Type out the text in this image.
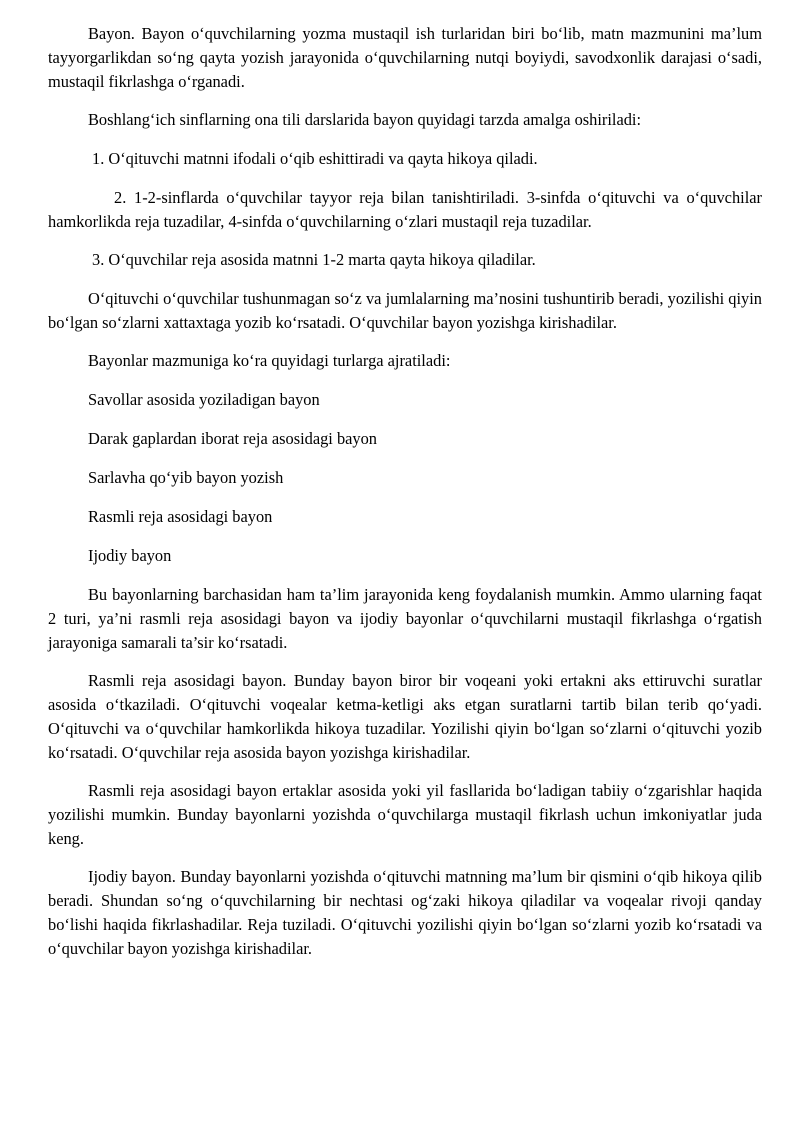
Bayon. Bayon o‘quvchilarning yozma mustaqil ish turlaridan biri bo‘lib, matn mazmunini ma’lum tayyorgarlikdan so‘ng qayta yozish jarayonida o‘quvchilarning nutqi boyiydi, savodxonlik darajasi o‘sadi, mustaqil fikrlashga o‘rganadi.

Boshlang‘ich sinflarning ona tili darslarida bayon quyidagi tarzda amalga oshiriladi:

1. O‘qituvchi matnni ifodali o‘qib eshittiradi va qayta hikoya qiladi.

2. 1-2-sinflarda o‘quvchilar tayyor reja bilan tanishtiriladi. 3-sinfda o‘qituvchi va o‘quvchilar hamkorlikda reja tuzadilar, 4-sinfda o‘quvchilarning o‘zlari mustaqil reja tuzadilar.

3. O‘quvchilar reja asosida matnni 1-2 marta qayta hikoya qiladilar.

O‘qituvchi o‘quvchilar tushunmagan so‘z va jumlalarning ma’nosini tushuntirib beradi, yozilishi qiyin bo‘lgan so‘zlarni xattaxtaga yozib ko‘rsatadi. O‘quvchilar bayon yozishga kirishadilar.

Bayonlar mazmuniga ko‘ra quyidagi turlarga ajratiladi:

Savollar asosida yoziladigan bayon

Darak gaplardan iborat reja asosidagi bayon

Sarlavha qo‘yib bayon yozish

Rasmli reja asosidagi bayon

Ijodiy bayon

Bu bayonlarning barchasidan ham ta’lim jarayonida keng foydalanish mumkin. Ammo ularning faqat 2 turi, ya’ni rasmli reja asosidagi bayon va ijodiy bayonlar o‘quvchilarni mustaqil fikrlashga o‘rgatish jarayoniga samarali ta’sir ko‘rsatadi.

Rasmli reja asosidagi bayon. Bunday bayon biror bir voqeani yoki ertakni aks ettiruvchi suratlar asosida o‘tkaziladi. O‘qituvchi voqealar ketma-ketligi aks etgan suratlarni tartib bilan terib qo‘yadi. O‘qituvchi va o‘quvchilar hamkorlikda hikoya tuzadilar. Yozilishi qiyin bo‘lgan so‘zlarni o‘qituvchi yozib ko‘rsatadi. O‘quvchilar reja asosida bayon yozishga kirishadilar.

Rasmli reja asosidagi bayon ertaklar asosida yoki yil fasllarida bo‘ladigan tabiiy o‘zgarishlar haqida yozilishi mumkin. Bunday bayonlarni yozishda o‘quvchilarga mustaqil fikrlash uchun imkoniyatlar juda keng.

Ijodiy bayon. Bunday bayonlarni yozishda o‘qituvchi matnning ma’lum bir qismini o‘qib hikoya qilib beradi. Shundan so‘ng o‘quvchilarning bir nechtasi og‘zaki hikoya qiladilar va voqealar rivoji qanday bo‘lishi haqida fikrlashadilar. Reja tuziladi. O‘qituvchi yozilishi qiyin bo‘lgan so‘zlarni yozib ko‘rsatadi va o‘quvchilar bayon yozishga kirishadilar.
